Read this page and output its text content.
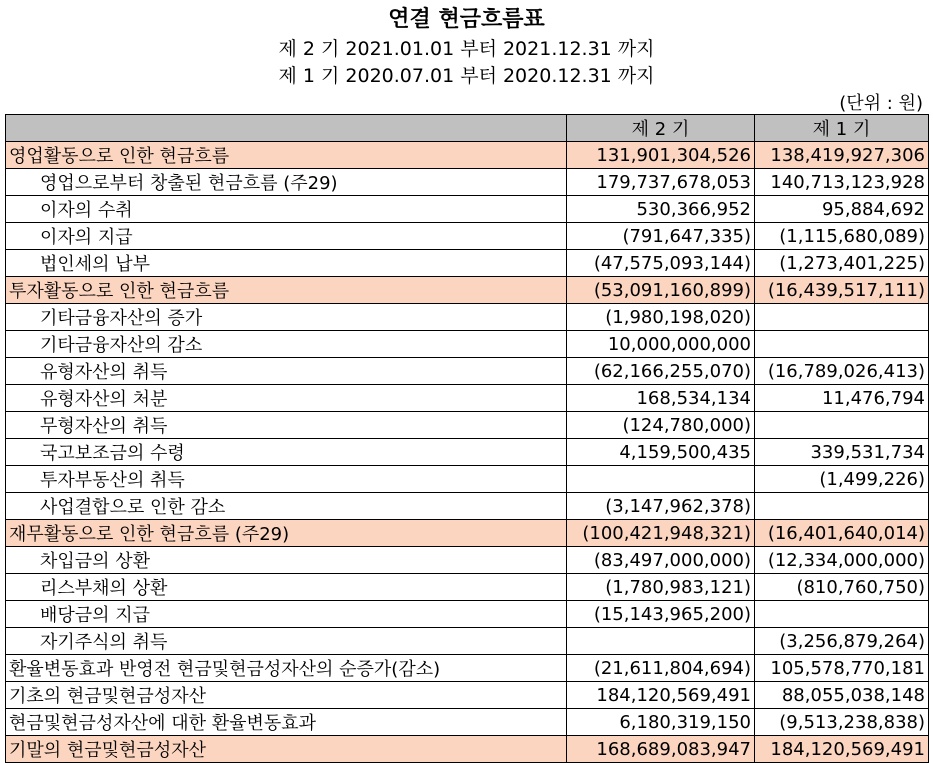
연결 현금흐름표
제 2 기 2021.01.01 부터 2021.12.31 까지
제 1 기 2020.07.01 부터 2020.12.31 까지
(단위 : 원)
	제 2 기	제 1 기
영업활동으로 인한 현금흐름	131,901,304,526	138,419,927,306
영업으로부터 창출된 현금흐름 (주29)	179,737,678,053	140,713,123,928
이자의 수취	530,366,952	95,884,692
이자의 지급	(791,647,335)	(1,115,680,089)
법인세의 납부	(47,575,093,144)	(1,273,401,225)
투자활동으로 인한 현금흐름	(53,091,160,899)	(16,439,517,111)
기타금융자산의 증가	(1,980,198,020)	
기타금융자산의 감소	10,000,000,000	
유형자산의 취득	(62,166,255,070)	(16,789,026,413)
유형자산의 처분	168,534,134	11,476,794
무형자산의 취득	(124,780,000)	
국고보조금의 수령	4,159,500,435	339,531,734
투자부동산의 취득		(1,499,226)
사업결합으로 인한 감소	(3,147,962,378)	
재무활동으로 인한 현금흐름 (주29)	(100,421,948,321)	(16,401,640,014)
차입금의 상환	(83,497,000,000)	(12,334,000,000)
리스부채의 상환	(1,780,983,121)	(810,760,750)
배당금의 지급	(15,143,965,200)	
자기주식의 취득		(3,256,879,264)
환율변동효과 반영전 현금및현금성자산의 순증가(감소)	(21,611,804,694)	105,578,770,181
기초의 현금및현금성자산	184,120,569,491	88,055,038,148
현금및현금성자산에 대한 환율변동효과	6,180,319,150	(9,513,238,838)
기말의 현금및현금성자산	168,689,083,947	184,120,569,491
